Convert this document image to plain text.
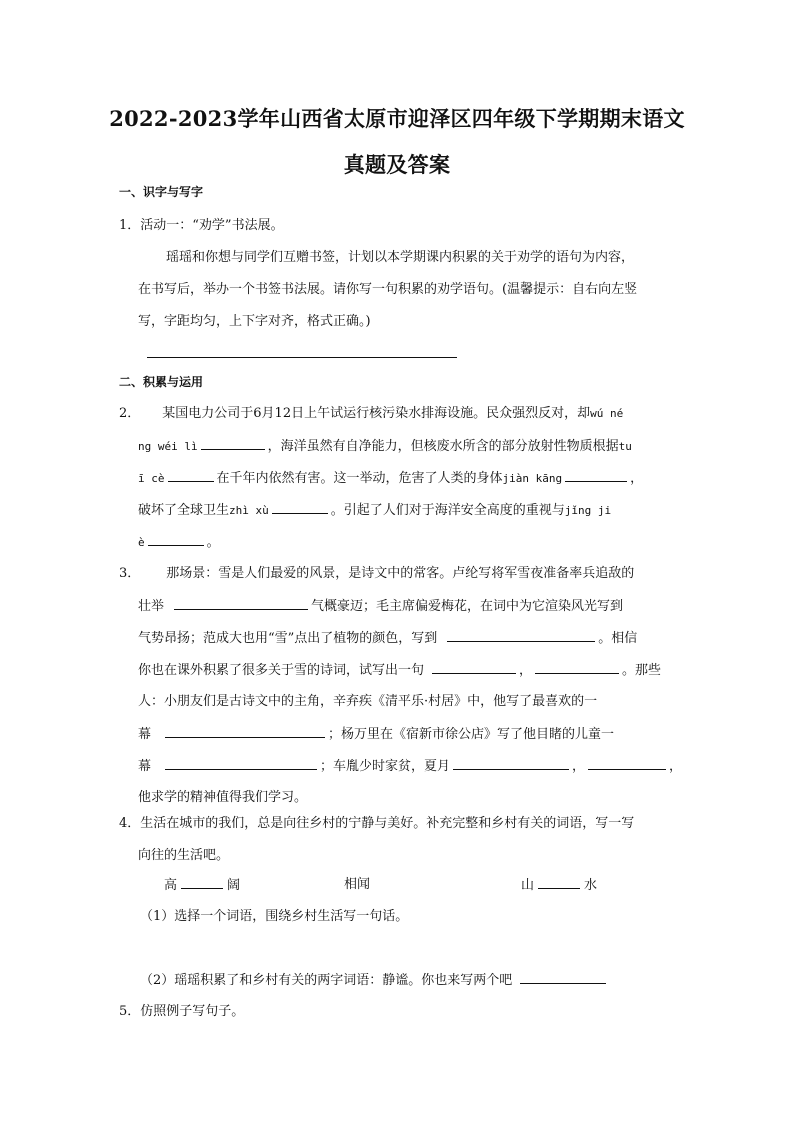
2022-2023学年山西省太原市迎泽区四年级下学期期末语文
真题及答案
一、识字与写字
1．活动一：“劝学”书法展。
瑶瑶和你想与同学们互赠书签，计划以本学期课内积累的关于劝学的语句为内容，
在书写后，举办一个书签书法展。请你写一句积累的劝学语句。(温馨提示：自右向左竖
写，字距均匀，上下字对齐，格式正确。)
二、积累与运用
2． 某国电力公司于6月12日上午试运行核污染水排海设施。民众强烈反对，却wú né
ng wéi lì	，海洋虽然有自净能力，但核废水所含的部分放射性物质根据tu
ī cè	在千年内依然有害。这一举动，危害了人类的身体jiàn kāng	，
破坏了全球卫生zhì xù	。引起了人们对于海洋安全高度的重视与jǐng ji
è	。
3． 那场景：雪是人们最爱的风景，是诗文中的常客。卢纶写将军雪夜准备率兵追敌的
壮举	气概豪迈；毛主席偏爱梅花，在词中为它渲染风光写到
气势昂扬；范成大也用“雪”点出了植物的颜色，写到	。相信
你也在课外积累了很多关于雪的诗词，试写出一句	，	。那些
人：小朋友们是古诗文中的主角，辛弃疾《清平乐·村居》中，他写了最喜欢的一
幕	；杨万里在《宿新市徐公店》写了他目睹的儿童一
幕	；车胤少时家贫，夏月	，	，
他求学的精神值得我们学习。
4．生活在城市的我们，总是向往乡村的宁静与美好。补充完整和乡村有关的词语，写一写
向往的生活吧。
高	阔	相闻	山	水
（1）选择一个词语，围绕乡村生活写一句话。
（2）瑶瑶积累了和乡村有关的两字词语：静谧。你也来写两个吧
5．仿照例子写句子。
